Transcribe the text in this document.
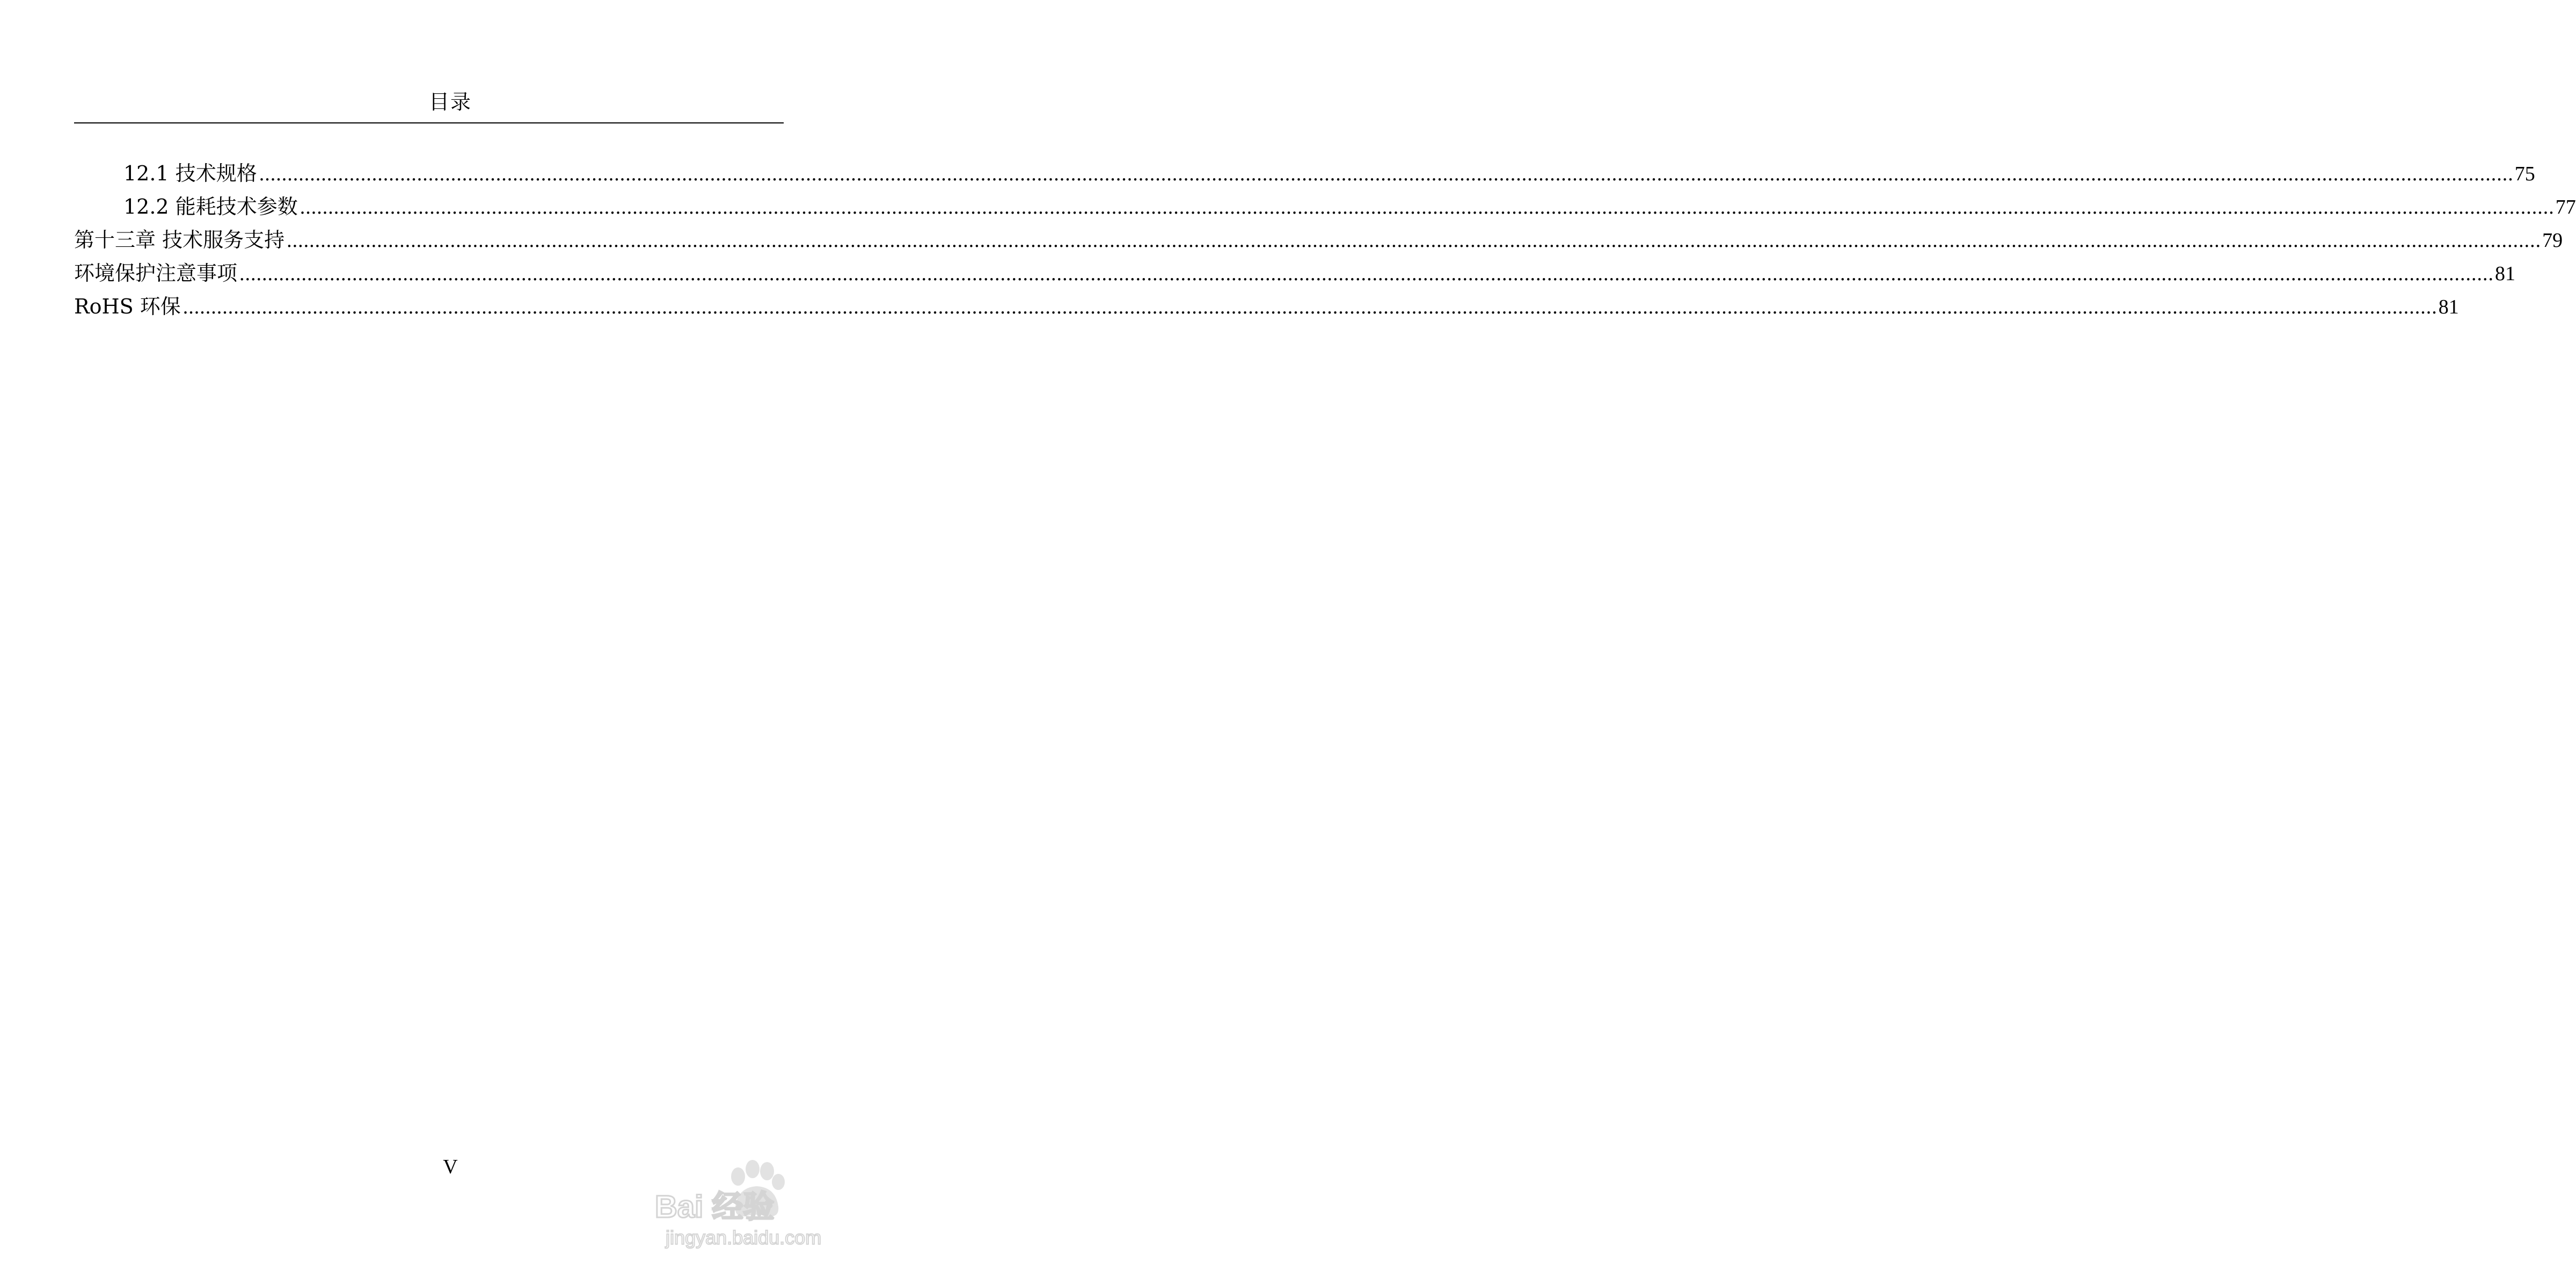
目录
12.1 技术规格 ................................................................................................................................................................................................................................................................................................................................................................................................................ 75
12.2 能耗技术参数 ................................................................................................................................................................................................................................................................................................................................................................................................................ 77
第十三章 技术服务支持 ................................................................................................................................................................................................................................................................................................................................................................................................................ 79
环境保护注意事项 ................................................................................................................................................................................................................................................................................................................................................................................................................ 81
RoHS 环保 ................................................................................................................................................................................................................................................................................................................................................................................................................ 81
V
Bai 经验
jingyan.baidu.com
